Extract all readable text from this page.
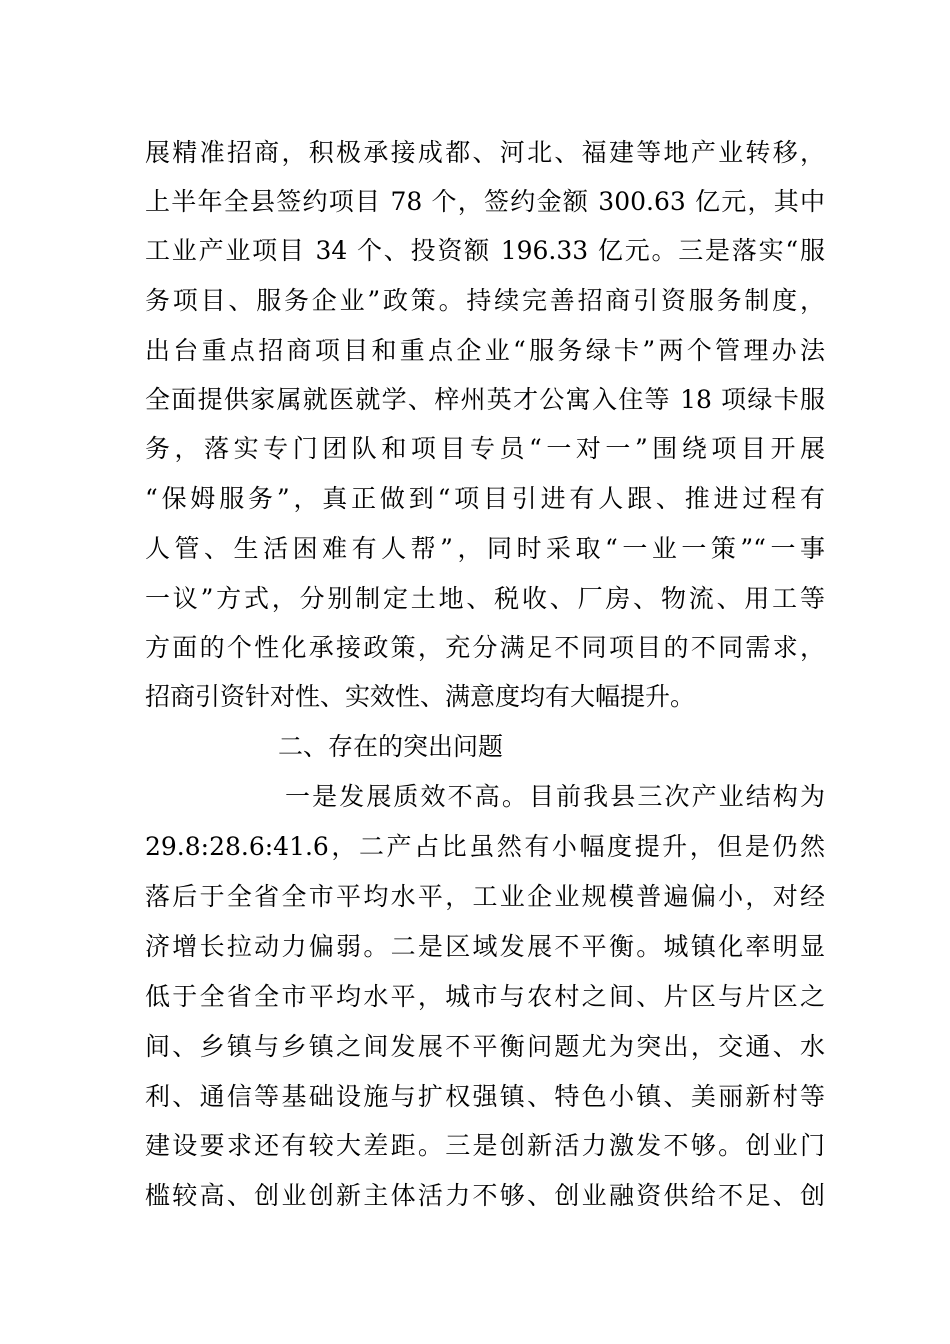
展精准招商，积极承接成都、河北、福建等地产业转移，
上半年全县签约项目 78 个，签约金额 300.63 亿元，其中
工业产业项目 34 个、投资额 196.33 亿元。三是落实“服
务项目、服务企业”政策。持续完善招商引资服务制度，
出台重点招商项目和重点企业“服务绿卡”两个管理办法
全面提供家属就医就学、梓州英才公寓入住等 18 项绿卡服
务，落实专门团队和项目专员“一对一”围绕项目开展
“保姆服务”，真正做到“项目引进有人跟、推进过程有
人管、生活困难有人帮”，同时采取“一业一策”“一事
一议”方式，分别制定土地、税收、厂房、物流、用工等
方面的个性化承接政策，充分满足不同项目的不同需求，
招商引资针对性、实效性、满意度均有大幅提升。
二、存在的突出问题
一是发展质效不高。目前我县三次产业结构为
29.8:28.6:41.6，二产占比虽然有小幅度提升，但是仍然
落后于全省全市平均水平，工业企业规模普遍偏小，对经
济增长拉动力偏弱。二是区域发展不平衡。城镇化率明显
低于全省全市平均水平，城市与农村之间、片区与片区之
间、乡镇与乡镇之间发展不平衡问题尤为突出，交通、水
利、通信等基础设施与扩权强镇、特色小镇、美丽新村等
建设要求还有较大差距。三是创新活力激发不够。创业门
槛较高、创业创新主体活力不够、创业融资供给不足、创
